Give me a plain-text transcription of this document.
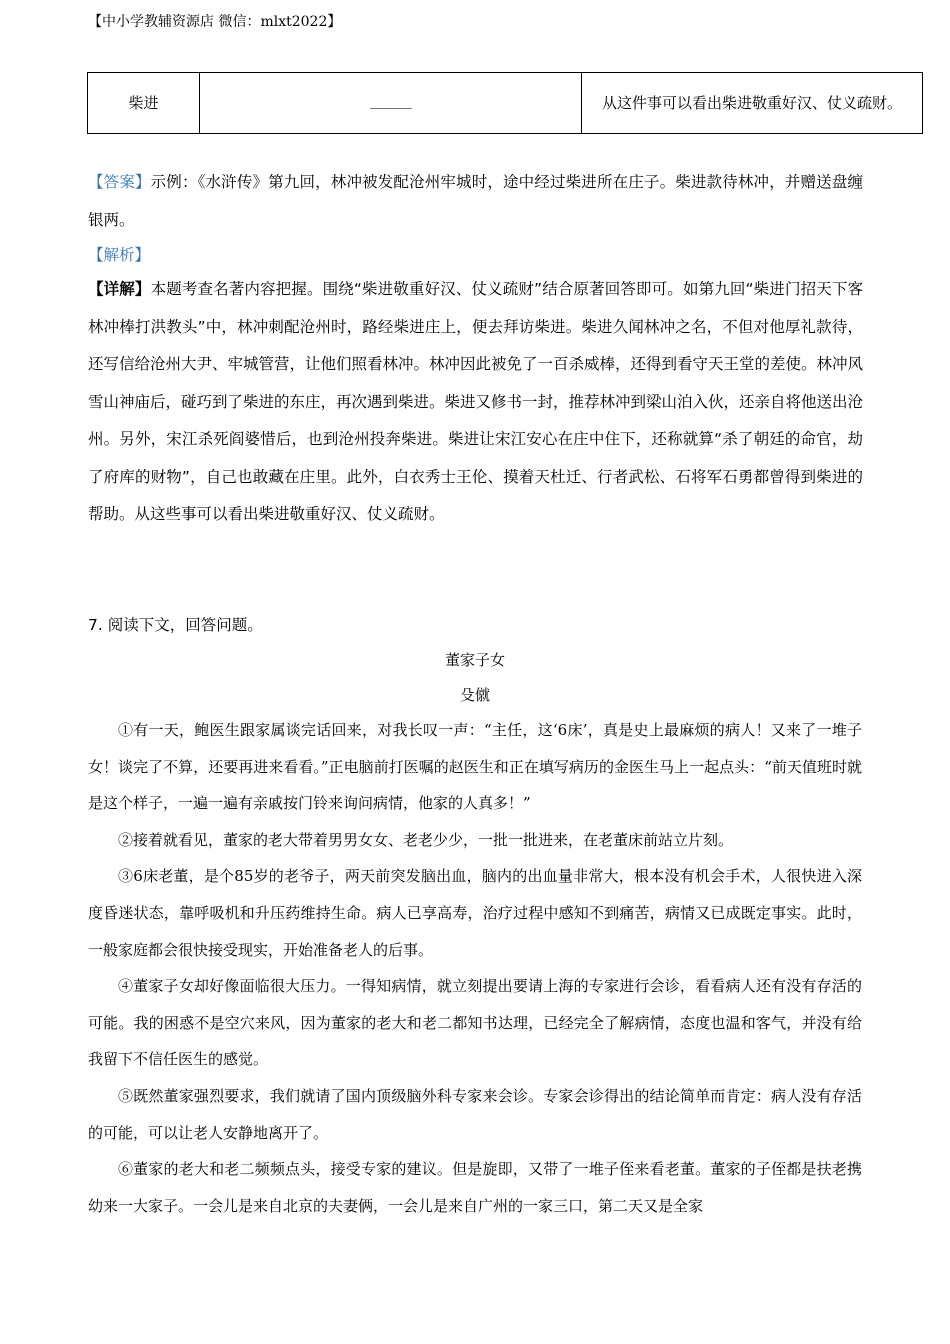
【中小学教辅资源店 微信：mlxt2022】
柴进		从这件事可以看出柴进敬重好汉、仗义疏财。
【答案】示例：《水浒传》第九回，林冲被发配沧州牢城时，途中经过柴进所在庄子。柴进款待林冲，并赠送盘缠银两。
【解析】
【详解】本题考查名著内容把握。围绕“柴进敬重好汉、仗义疏财”结合原著回答即可。如第九回“柴进门招天下客 林冲棒打洪教头”中，林冲刺配沧州时，路经柴进庄上，便去拜访柴进。柴进久闻林冲之名，不但对他厚礼款待，还写信给沧州大尹、牢城管营，让他们照看林冲。林冲因此被免了一百杀威棒，还得到看守天王堂的差使。林冲风雪山神庙后，碰巧到了柴进的东庄，再次遇到柴进。柴进又修书一封，推荐林冲到梁山泊入伙，还亲自将他送出沧州。另外，宋江杀死阎婆惜后，也到沧州投奔柴进。柴进让宋江安心在庄中住下，还称就算“杀了朝廷的命官，劫了府库的财物”，自己也敢藏在庄里。此外，白衣秀士王伦、摸着天杜迁、行者武松、石将军石勇都曾得到柴进的帮助。从这些事可以看出柴进敬重好汉、仗义疏财。
7. 阅读下文，回答问题。
董家子女
殳僦

①有一天，鲍医生跟家属谈完话回来，对我长叹一声：“主任，这‘6床’，真是史上最麻烦的病人！又来了一堆子女！谈完了不算，还要再进来看看。”正电脑前打医嘱的赵医生和正在填写病历的金医生马上一起点头：“前天值班时就是这个样子，一遍一遍有亲戚按门铃来询问病情，他家的人真多！”

②接着就看见，董家的老大带着男男女女、老老少少，一批一批进来，在老董床前站立片刻。

③6床老董，是个85岁的老爷子，两天前突发脑出血，脑内的出血量非常大，根本没有机会手术，人很快进入深度昏迷状态，靠呼吸机和升压药维持生命。病人已享高寿，治疗过程中感知不到痛苦，病情又已成既定事实。此时，一般家庭都会很快接受现实，开始准备老人的后事。

④董家子女却好像面临很大压力。一得知病情，就立刻提出要请上海的专家进行会诊，看看病人还有没有存活的可能。我的困惑不是空穴来风，因为董家的老大和老二都知书达理，已经完全了解病情，态度也温和客气，并没有给我留下不信任医生的感觉。

⑤既然董家强烈要求，我们就请了国内顶级脑外科专家来会诊。专家会诊得出的结论简单而肯定：病人没有存活的可能，可以让老人安静地离开了。

⑥董家的老大和老二频频点头，接受专家的建议。但是旋即，又带了一堆子侄来看老董。董家的子侄都是扶老携幼来一大家子。一会儿是来自北京的夫妻俩，一会儿是来自广州的一家三口，第二天又是全家
